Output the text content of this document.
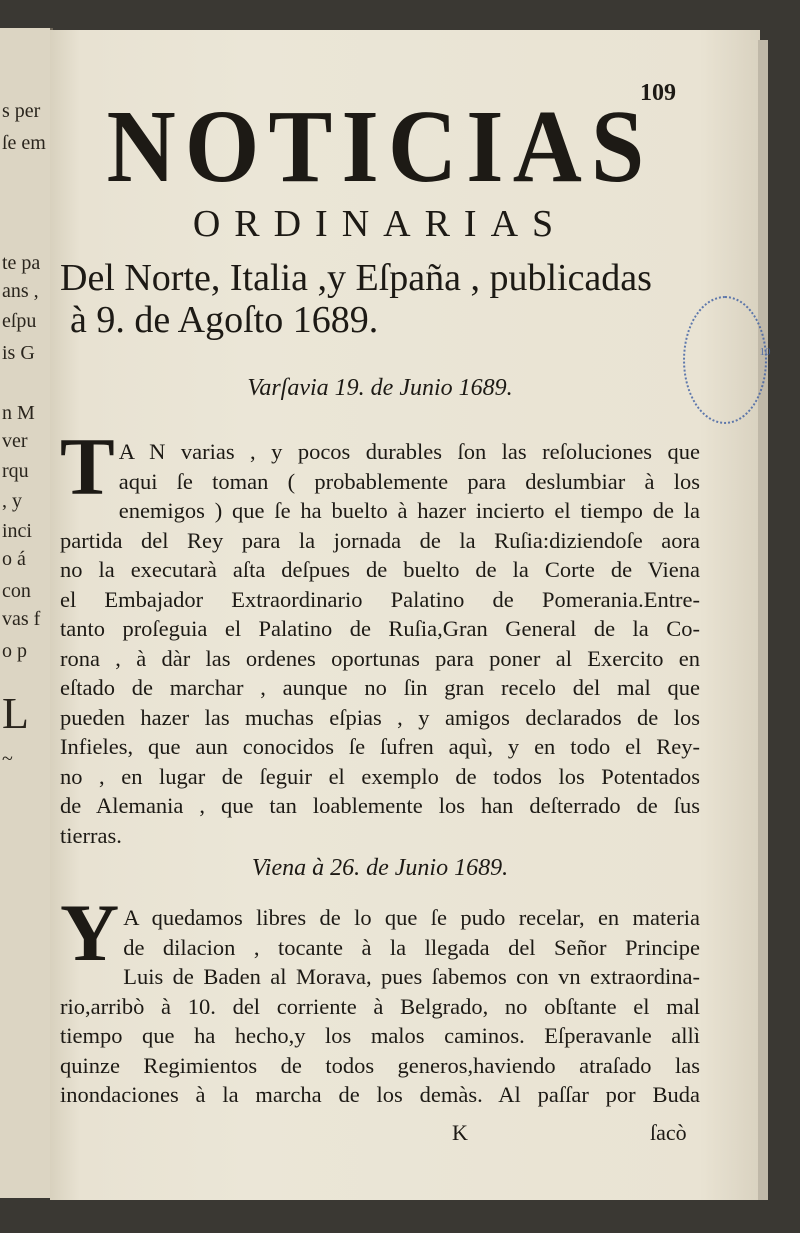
s per
ſe em
te pa
ans ,
eſpu
is G
n M
ver
rqu
, y
inci
o á
con
vas f
o p
L
~
109
NOTICIAS
ORDINARIAS
Del Norte, Italia ,y Eſpaña , publicadas
à 9. de Agoſto 1689.
10
Varſavia 19. de Junio 1689.
T A N varias , y pocos durables ſon las reſoluciones que
aqui ſe toman ( probablemente para deslumbiar à los
enemigos ) que ſe ha buelto à hazer incierto el tiempo de la
partida del Rey para la jornada de la Ruſia:diziendoſe aora
no la executarà aſta deſpues de buelto de la Corte de Viena
el Embajador Extraordinario Palatino de Pomerania.Entre-
tanto proſeguia el Palatino de Ruſia,Gran General de la Co-
rona , à dàr las ordenes oportunas para poner al Exercito en
eſtado de marchar , aunque no ſin gran recelo del mal que
pueden hazer las muchas eſpias , y amigos declarados de los
Infieles, que aun conocidos ſe ſufren aquì, y en todo el Rey-
no , en lugar de ſeguir el exemplo de todos los Potentados
de Alemania , que tan loablemente los han deſterrado de ſus
tierras.
Viena à 26. de Junio 1689.
Y A quedamos libres de lo que ſe pudo recelar, en materia
de dilacion , tocante à la llegada del Señor Principe
Luis de Baden al Morava, pues ſabemos con vn extraordina-
rio,arribò à 10. del corriente à Belgrado, no obſtante el mal
tiempo que ha hecho,y los malos caminos. Eſperavanle allì
quinze Regimientos de todos generos,haviendo atraſado las
inondaciones à la marcha de los demàs. Al paſſar por Buda
K	ſacò
